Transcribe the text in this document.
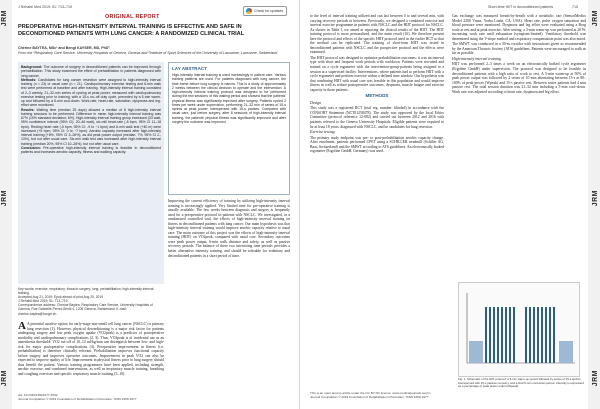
JRM
JRM
JRM
J Rehabil Med 2019; 51: 713–719
ORIGINAL REPORT
Check for updates
PREOPERATIVE HIGH-INTENSITY INTERVAL TRAINING IS EFFECTIVE AND SAFE IN DECONDITIONED PATIENTS WITH LUNG CANCER: A RANDOMIZED CLINICAL TRIAL
Chérine BAYTEA, MSc¹ and Bengt KAYSER, MD, PhD²
From the ¹Respiratory Care Service, University Hospitals of Geneva, Geneva and ²Institute of Sport Sciences of the University of Lausanne, Lausanne, Switzerland

Background: The outcome of surgery in deconditioned patients can be improved through prehabilitation. This study examined the effect of prehabilitation in patients diagnosed with lung cancer.

Methods: Candidates for lung cancer resection were assigned to high-intensity interval training (n = 23) or usual care (n = 21). Cardiopulmonary exercise testing and 6-min walk test were performed at baseline and after training. High-intensity interval training consisted of 2–3 weekly, 21–32-min series of cycling at peak power, measured with cardiopulmonary exercise testing prior to training, with a 15-s on–off duty cycle, preceded by a 5-min warm-up and followed by a 5-min cool-down. Work-rate, heart-rate, saturation, dyspnoea and leg-effort were monitored.

Results: Waiting time (median 25 days) allowed a median of 8 high-intensity interval training sessions to be performed. Difference in mean high-intensity interval training was 67% (10% standard deviation; 6%). High-intensity interval training group increased (33 watt, 95% confidence interval (95% CI): 20–46 watt), six-mill heart-rate (-8 bpm, 95% CI 11–18 bpm). Resting heart rate (-5 bpm, 95% CI: -9 to −1 bpm) and 6-min walk test (+40 m) were increased (+5 bpm, 95% CI: 0 to −7 bpm). Aerobic capacity increased after high-intensity interval training (+8%, 95% CI 3–26%), as did peak power output (median: 7%, 95% CI 2–13%), but not after usual care. Six-min walk test was increased after high-intensity interval training (median 20%, 95% CI 10–26%), but not after usual care.

Conclusion: Pre-operative high-intensity interval training is feasible in deconditioned patients and increases aerobic capacity, fitness and walking capacity.

LAY ABSTRACT

High-intensity interval training is used increasingly in patient care. Various training patterns are used. For patients diagnosed with lung cancer, the time frame before lung surgery is narrow. This is a study of approximately 2 weeks between the clinical decision to operate and the intervention. A high-intensity interval training protocol was designed to be performed during the few sessions of this waiting period and showed that the patients' physical fitness was significantly improved after surgery. Patients cycled 2 times per week under supervision, performing 21–32 min of series of 15-s sprints at peak power, interspersed with 15-s pauses. Compared with usual care, just before surgery, after 8 sessions of high-intensity interval training, the patients' physical fitness was significantly improved and after surgery the outcome was improved.

Improving the current efficiency of training by utilizing high-intensity interval training is increasingly applied. Very limited time for pre-operative training is usually available. The few weeks between diagnosis and surgery is frequently used for a preoperative protocol in patients with NSCLC. We investigated, in a randomized controlled trial, the effects of high-intensity interval training on fitness in deconditioned patients with lung cancer. Our main hypothesis was that high-intensity interval training would improve aerobic capacity relative to usual care. The main outcome of this project was the effects of high-intensity interval training (HIIT) on VO2peak, compared with usual care. Secondary outcomes were peak power output, 6-min walk distance and safety, as well as passive recovery periods. The balance of these two interacting time periods provides a better alternative intensity training, and should be tolerable for sedentary and deconditioned patients in a short period of time.

Key words: exercise; respiratory; thoracic surgery; lung; prehabilitation; high-intensity interval training.
Accepted Aug 21, 2019; Epub ahead of print Aug 29, 2019
J Rehabil Med 2019; 51: 713–719
Correspondence address: Chérine Baytea, Respiratory Care Service, University Hospitals of Geneva, Rue Gabrielle-Perret-Gentil 4, 1205 Geneva, Switzerland. E-mail: cherine.baytea@hcuge.ch

A A potential curative option for early-stage non-small cell lung cancer (NSCLC) is primary lung resection (1). However, physical deconditioning is a major risk factor for patients undergoing surgery and low peak oxygen uptake (VO2peak) is a predictor of postoperative morbidity and cardiopulmonary complications (2, 3). Thus, VO2peak is of incidental use as an anaesthesia threshold: VO2 cut-off of 10–12 ml/kg/min can distinguish between low- and high-risk for major postoperative complications (4). Preoperative improvement in fitness (i.e. prehabilitation) is therefore clinically relevant. Prehabilitation improves functional capacity before surgery and improves operative outcomes. Improvement in peak VO2 can also be expected to improve quality of life. Improvement in physical fitness prior to lung surgery should thus benefit the patient. Various training programmes have been applied, including strength, aerobic exercise, and combined interventions, as well as inspiratory muscle training, breathing and coughing exercises and specific respiratory muscle training (5–10).

doi: 10.2340/16501977-2592
Journal Compilation © 2019 Foundation of Rehabilitation Information. ISSN 1650-1977
JRM
JRM
JRM
Short-time HIIT in deconditioned patients	715

to the level of interval training utilized and can last between 0 to and several min, with varying recovery periods in between. Previously, we designed a combined exercise and interval exercise programme in patients with NSCLC and the HIIT protocol for NSCLC. As shown in Table I, we aimed at reporting the clinical results of the HIIT. The HIIT training protocol is more personalized, and the main result (16). We therefore present here the protocol and effects of the specific HIIT protocol used in the earlier RCT so that the method can be replicated. The training of short-term HIIT was tested in deconditioned patients with NSCLC and the prospective protocol and the effects were examined.

The HIIT protocol was designed to optimize prehabilitation outcomes: it was an interval type with short and frequent work periods with cooldown. Patients were recruited and trained on a cycle ergometer with the intervention-group-patients being assigned to a session at a supervised facility. Interventions, where patients had to perform HIIT with a cycle ergometer and perform exercise within a defined time window. Our hypothesis was that combining HIIT with usual care was feasible in this population and would improve fitness as well as reduce postoperative outcomes, dyspnoea, muscle fatigue and exercise capacity in these patients.

METHODS
Design

This study was a registered RCT (trial reg. number: blinded) in accordance with the CONSORT Statement (NCT01258478). The study was approved by the local Ethics Committee (protocol reference 12-082) and carried out between 2012 and 2016 with patients referred to the Geneva University Hospitals. Eligible patients were required to be at least 18 years, diagnosed with NSCLC, and be candidates for lung resection.

Exercise testing

The primary study endpoint was pre- to post-prehabilitation aerobic capacity change. After enrolment, patients performed CPET using a SCHILLER treadmill (Schiller AG, Baar, Switzerland) and the 6MWT according to ATS guidelines. An electronically braked ergometer (Ergoline GmbH, Germany) was used.

Gas exchange was measured breath-by-breath with a metabolic cart (SensorMedics Model 2200 Vmax, Yorba Linda, CA, USA). Heart rate, pulse oxygen saturation and blood pressure were monitored. Dyspnoea and leg effort were evaluated using a Borg scale at rest and at peak exercise. After testing, a 3-min warm-up was performed at 20 W, increasing work rate until exhaustion (symptom-limited). Ventilatory threshold was determined using the V-slope method and respiratory compensation point was also noted.

The 6MWT was conducted in a 30-m corridor with instructions given as recommended by the American Thoracic Society (ATS) guidelines. Patients were encouraged to walk as far as possible.

High-intensity interval training

HIIT was performed 2–3 times a week on an electronically braked cycle ergometer (Ergoline GmbH) under supervision. The protocol was designed to be feasible in deconditioned patients with a high ratio of work to rest. A 5-min warm-up at 50% of peak power output was followed by 2 series of 10 min alternating between 15-s at 80–100% of peak power (Wpeak) and 15-s passive rest. Between series patients had 4 min passive rest. The total session duration was 21–32 min including a 5-min cool-down. Work rate was adjusted according to heart rate, dyspnoea and leg effort.

Fig. 1. Schematic of the HIIT protocol: a 5-min warm-up period followed by series of 15-s sprints interspersed with 15-s passive recovery, and a final 5-min cool-down period. Intensity is expressed as a percentage of peak power output (Wpeak).
This is an open access article under the CC BY-NC license. www.medicaljournals.se/jrm
Journal Compilation © 2019 Foundation of Rehabilitation Information. ISSN 1650-1977
